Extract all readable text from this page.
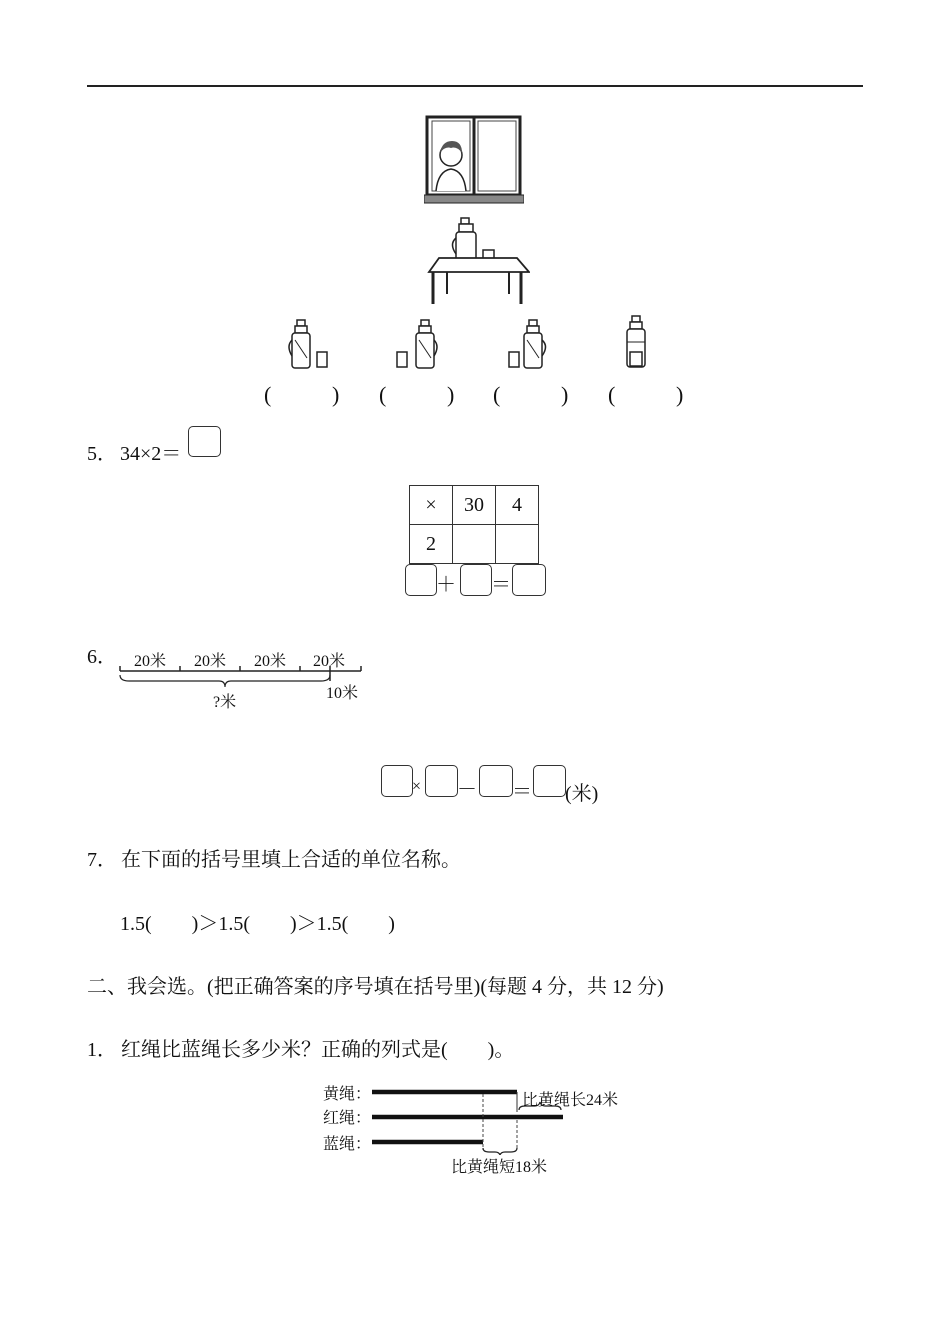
(	) (	) (	) (	)
5． 34×2＝
×	30	4
2		
＋ ＝
6． 20米 20米 20米 20米
?米
10米
× － ＝ (米)
7． 在下面的括号里填上合适的单位名称。
1.5(　　)＞1.5(　　)＞1.5(　　)
二、我会选。(把正确答案的序号填在括号里)(每题 4 分，共 12 分)
1． 红绳比蓝绳长多少米？正确的列式是(　　)。
黄绳：
红绳：
蓝绳：
比黄绳长24米
比黄绳短18米
